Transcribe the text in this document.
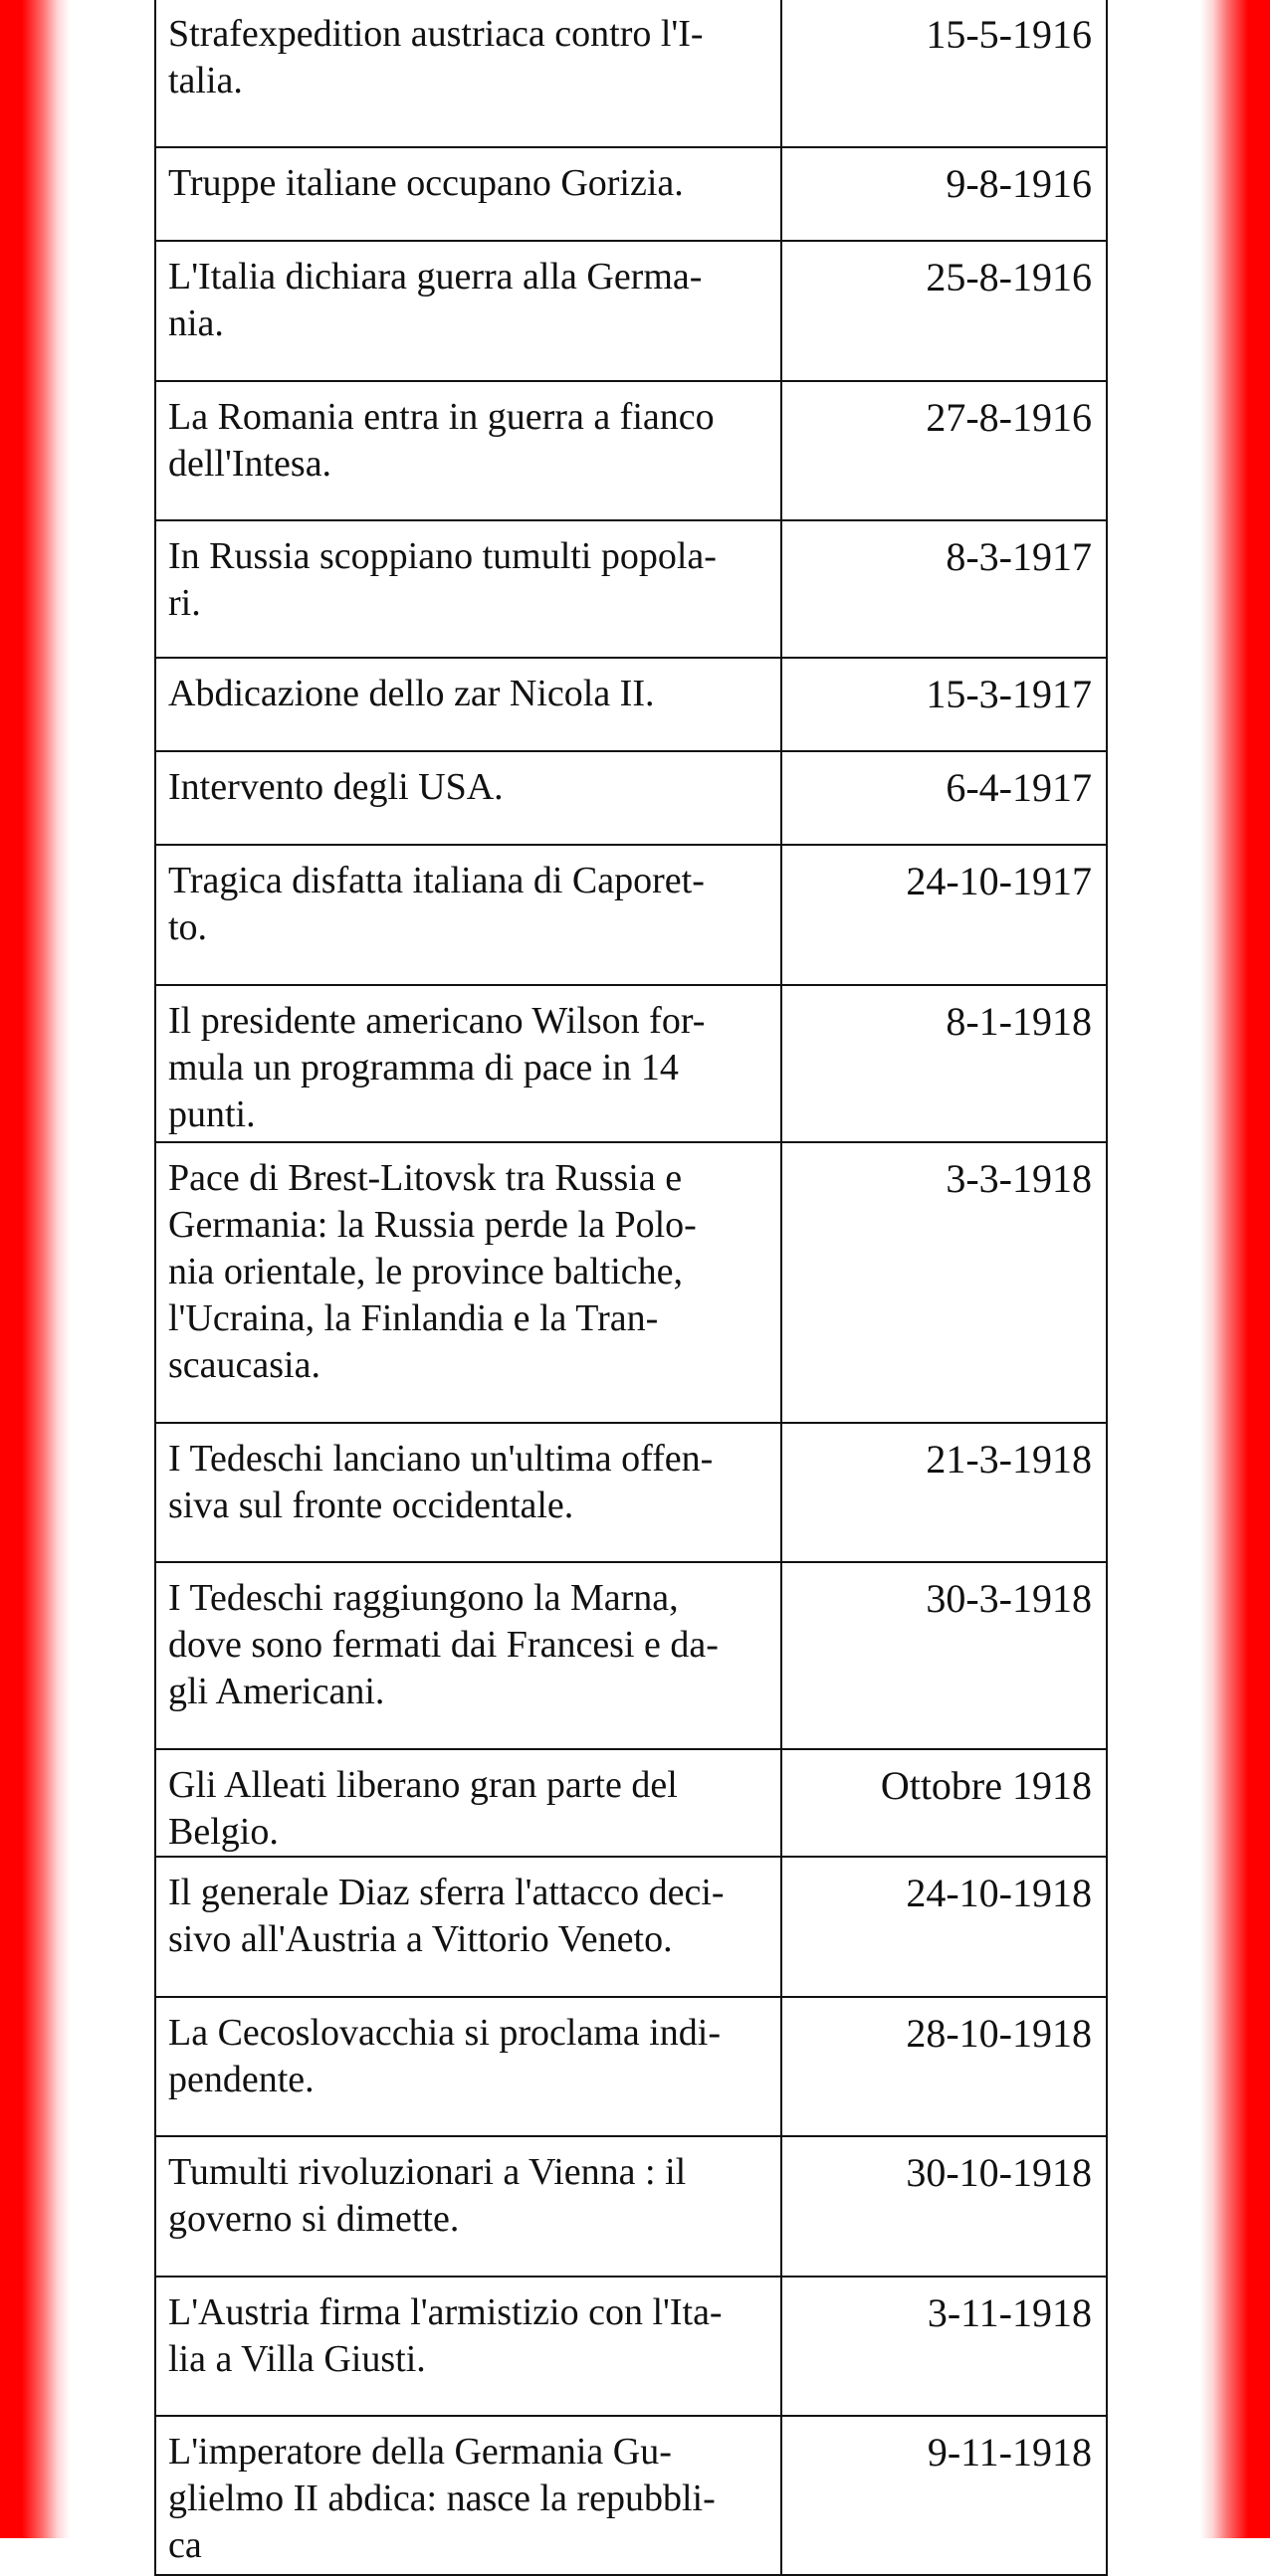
Strafexpedition austriaca contro l'I-
talia.	15-5-1916
Truppe italiane occupano Gorizia.	9-8-1916
L'Italia dichiara guerra alla Germa-
nia.	25-8-1916
La Romania entra in guerra a fianco
dell'Intesa.	27-8-1916
In Russia scoppiano tumulti popola-
ri.	8-3-1917
Abdicazione dello zar Nicola II.	15-3-1917
Intervento degli USA.	6-4-1917
Tragica disfatta italiana di Caporet-
to.	24-10-1917
Il presidente americano Wilson for-
mula un programma di pace in 14
punti.	8-1-1918
Pace di Brest-Litovsk tra Russia e
Germania: la Russia perde la Polo-
nia orientale, le province baltiche,
l'Ucraina, la Finlandia e la Tran-
scaucasia.	3-3-1918
I Tedeschi lanciano un'ultima offen-
siva sul fronte occidentale.	21-3-1918
I Tedeschi raggiungono la Marna,
dove sono fermati dai Francesi e da-
gli Americani.	30-3-1918
Gli Alleati liberano gran parte del
Belgio.	Ottobre 1918
Il generale Diaz sferra l'attacco deci-
sivo all'Austria a Vittorio Veneto.	24-10-1918
La Cecoslovacchia si proclama indi-
pendente.	28-10-1918
Tumulti rivoluzionari a Vienna : il
governo si dimette.	30-10-1918
L'Austria firma l'armistizio con l'Ita-
lia a Villa Giusti.	3-11-1918
L'imperatore della Germania Gu-
glielmo II abdica: nasce la repubbli-
ca	9-11-1918
